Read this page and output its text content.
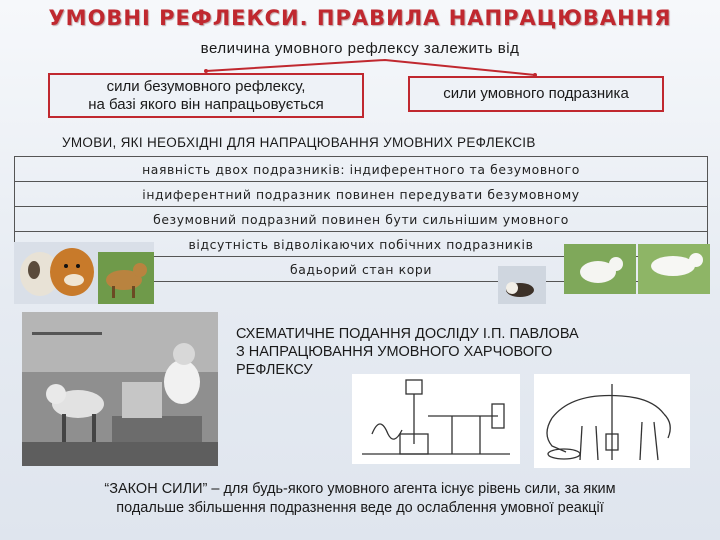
УМОВНІ РЕФЛЕКСИ. ПРАВИЛА НАПРАЦЮВАННЯ
величина умовного рефлексу залежить від
сили безумовного рефлексу,
на базі якого він напрацьовується
сили умовного подразника
УМОВИ, ЯКІ НЕОБХІДНІ ДЛЯ НАПРАЦЮВАННЯ УМОВНИХ РЕФЛЕКСІВ
наявність двох подразників: індиферентного та безумовного
індиферентний подразник повинен передувати безумовному
безумовний подразний повинен бути сильнішим умовного
відсутність відволікаючих побічних подразників
бадьорий стан кори
СХЕМАТИЧНЕ ПОДАННЯ ДОСЛІДУ І.П. ПАВЛОВА
З НАПРАЦЮВАННЯ УМОВНОГО ХАРЧОВОГО
РЕФЛЕКСУ
“ЗАКОН СИЛИ” – для будь-якого умовного агента існує рівень сили, за яким
подальше збільшення подразнення веде до ослаблення умовної реакції
